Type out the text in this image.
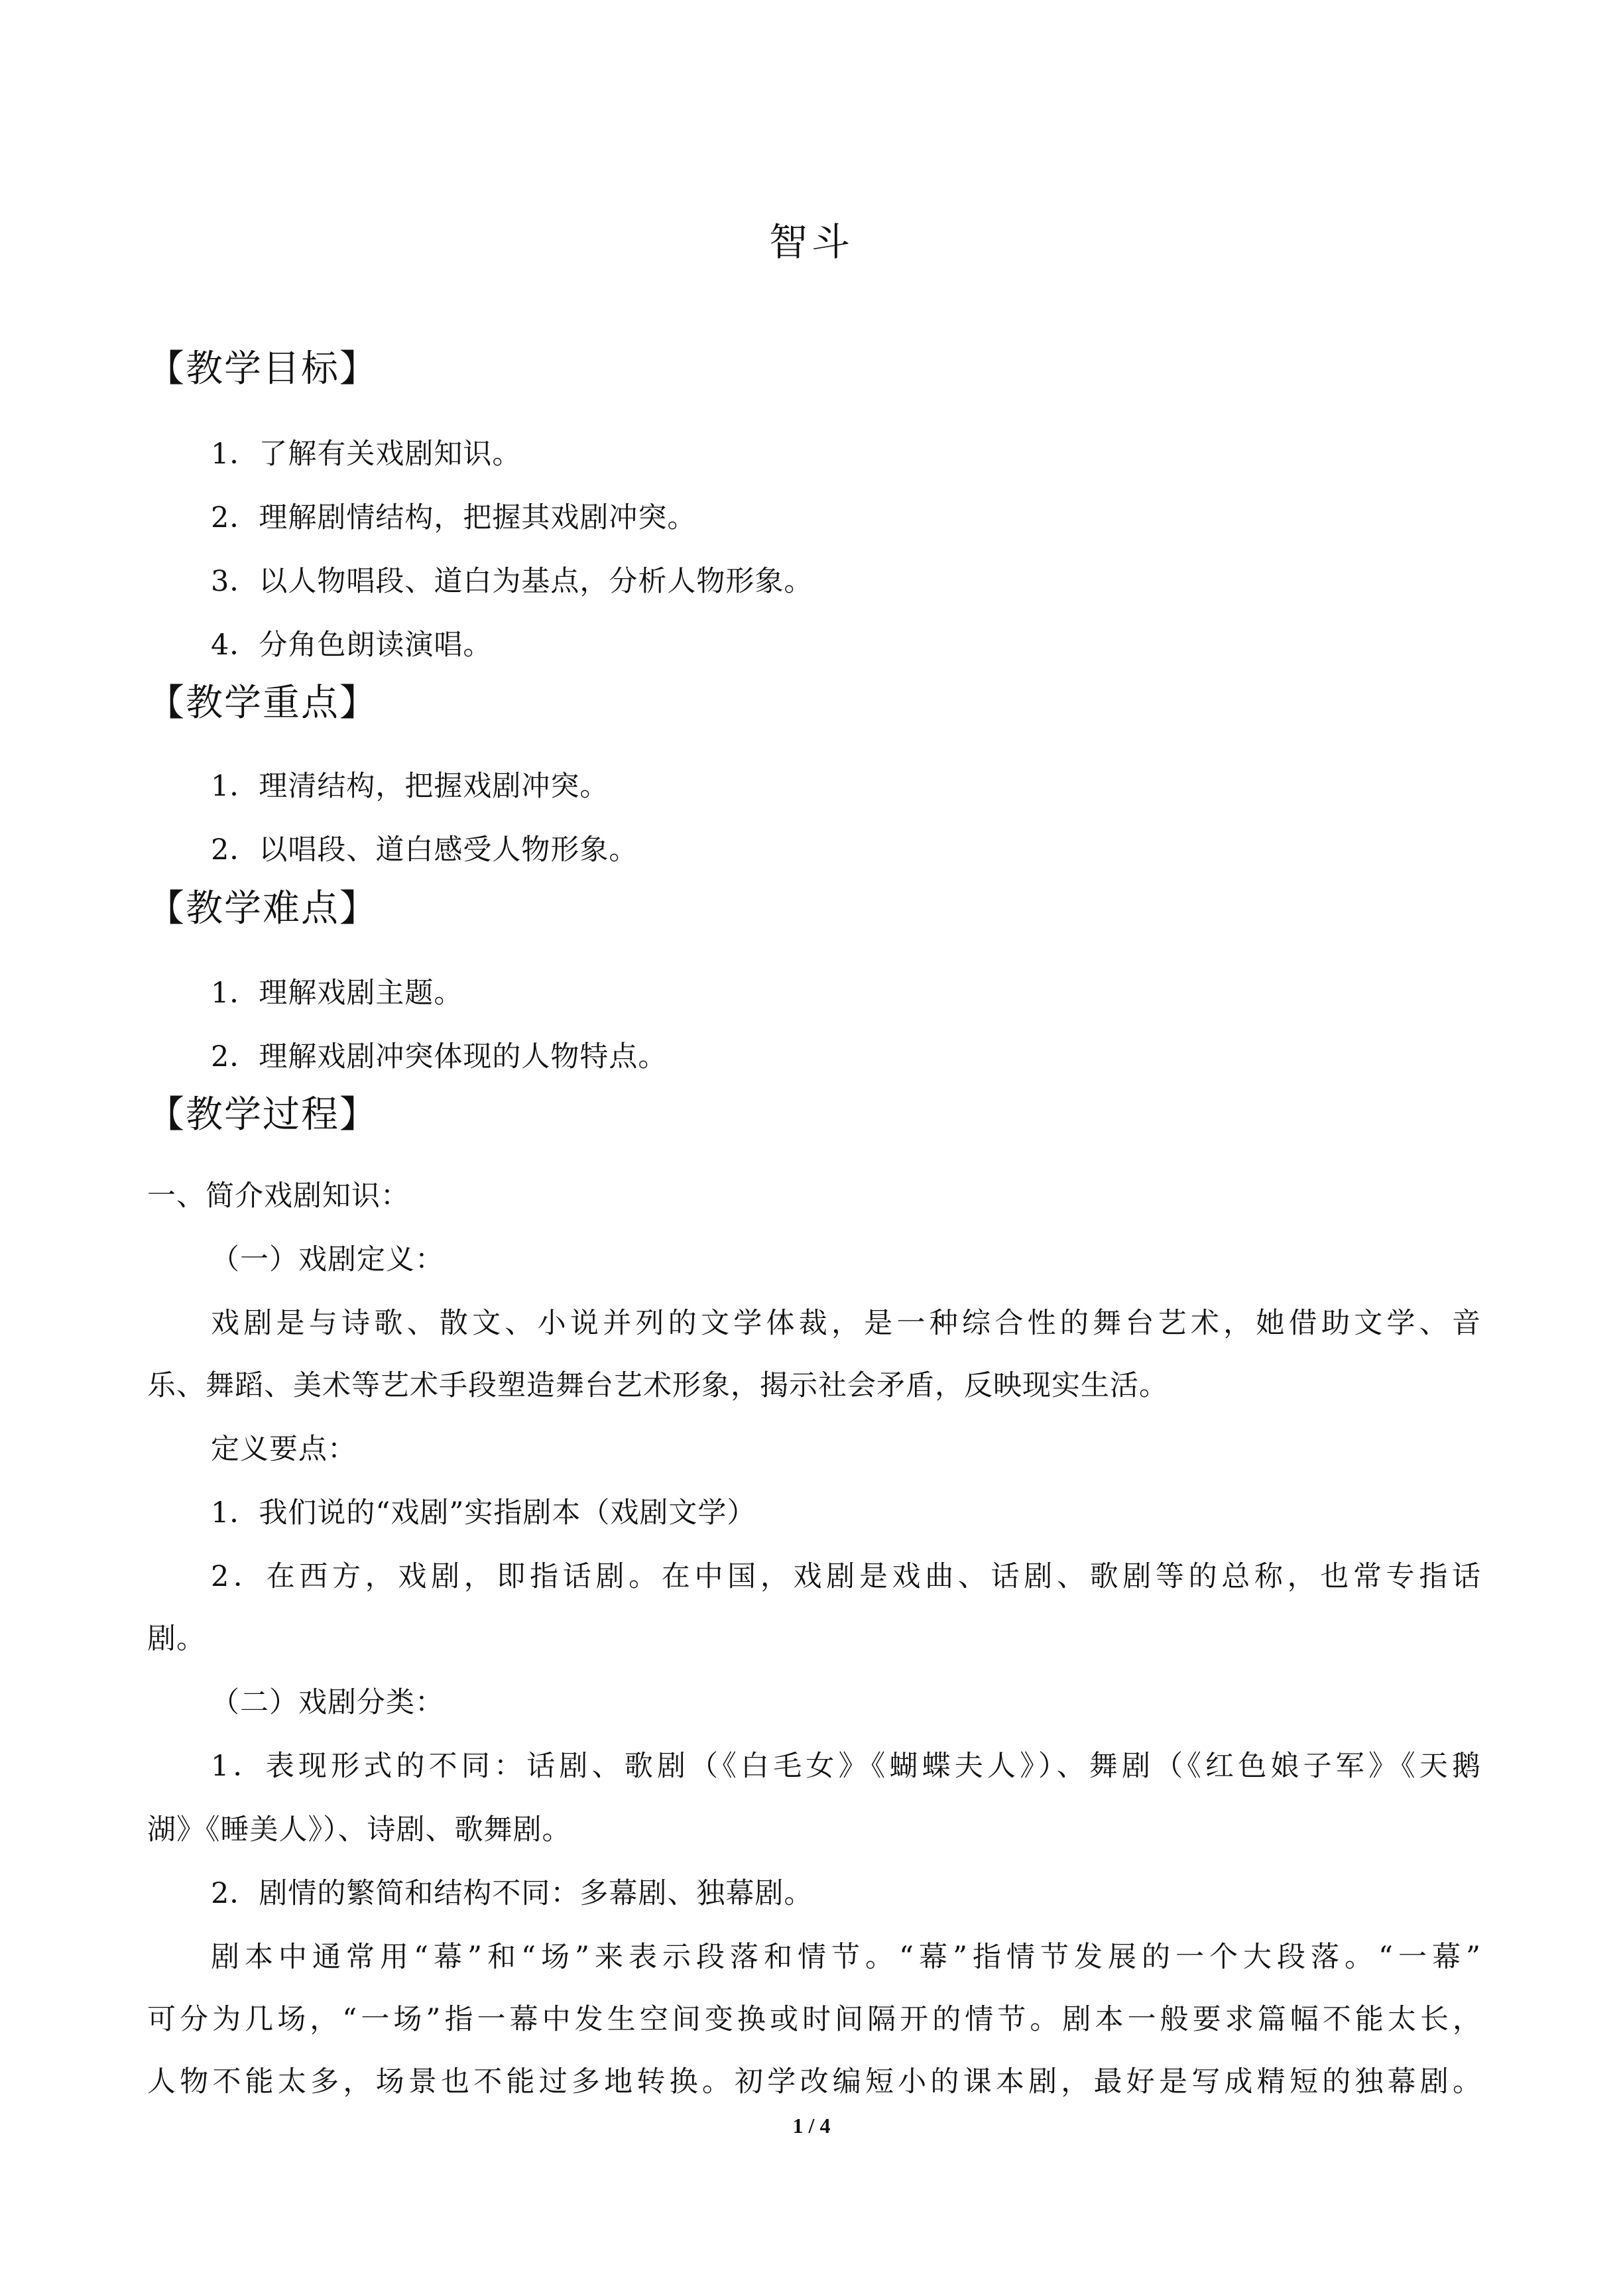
智斗
【教学目标】
1．了解有关戏剧知识。
2．理解剧情结构，把握其戏剧冲突。
3．以人物唱段、道白为基点，分析人物形象。
4．分角色朗读演唱。
【教学重点】
1．理清结构，把握戏剧冲突。
2．以唱段、道白感受人物形象。
【教学难点】
1．理解戏剧主题。
2．理解戏剧冲突体现的人物特点。
【教学过程】
一、简介戏剧知识：
（一）戏剧定义：
戏剧是与诗歌、散文、小说并列的文学体裁，是一种综合性的舞台艺术，她借助文学、音
乐、舞蹈、美术等艺术手段塑造舞台艺术形象，揭示社会矛盾，反映现实生活。
定义要点：
1．我们说的“戏剧”实指剧本（戏剧文学）
2．在西方，戏剧，即指话剧。在中国，戏剧是戏曲、话剧、歌剧等的总称，也常专指话
剧。
（二）戏剧分类：
1．表现形式的不同：话剧、歌剧（《白毛女》《蝴蝶夫人》）、舞剧（《红色娘子军》《天鹅
湖》《睡美人》）、诗剧、歌舞剧。
2．剧情的繁简和结构不同：多幕剧、独幕剧。
剧本中通常用“幕”和“场”来表示段落和情节。“幕”指情节发展的一个大段落。“一幕”
可分为几场，“一场”指一幕中发生空间变换或时间隔开的情节。剧本一般要求篇幅不能太长，
人物不能太多，场景也不能过多地转换。初学改编短小的课本剧，最好是写成精短的独幕剧。
1 / 4
